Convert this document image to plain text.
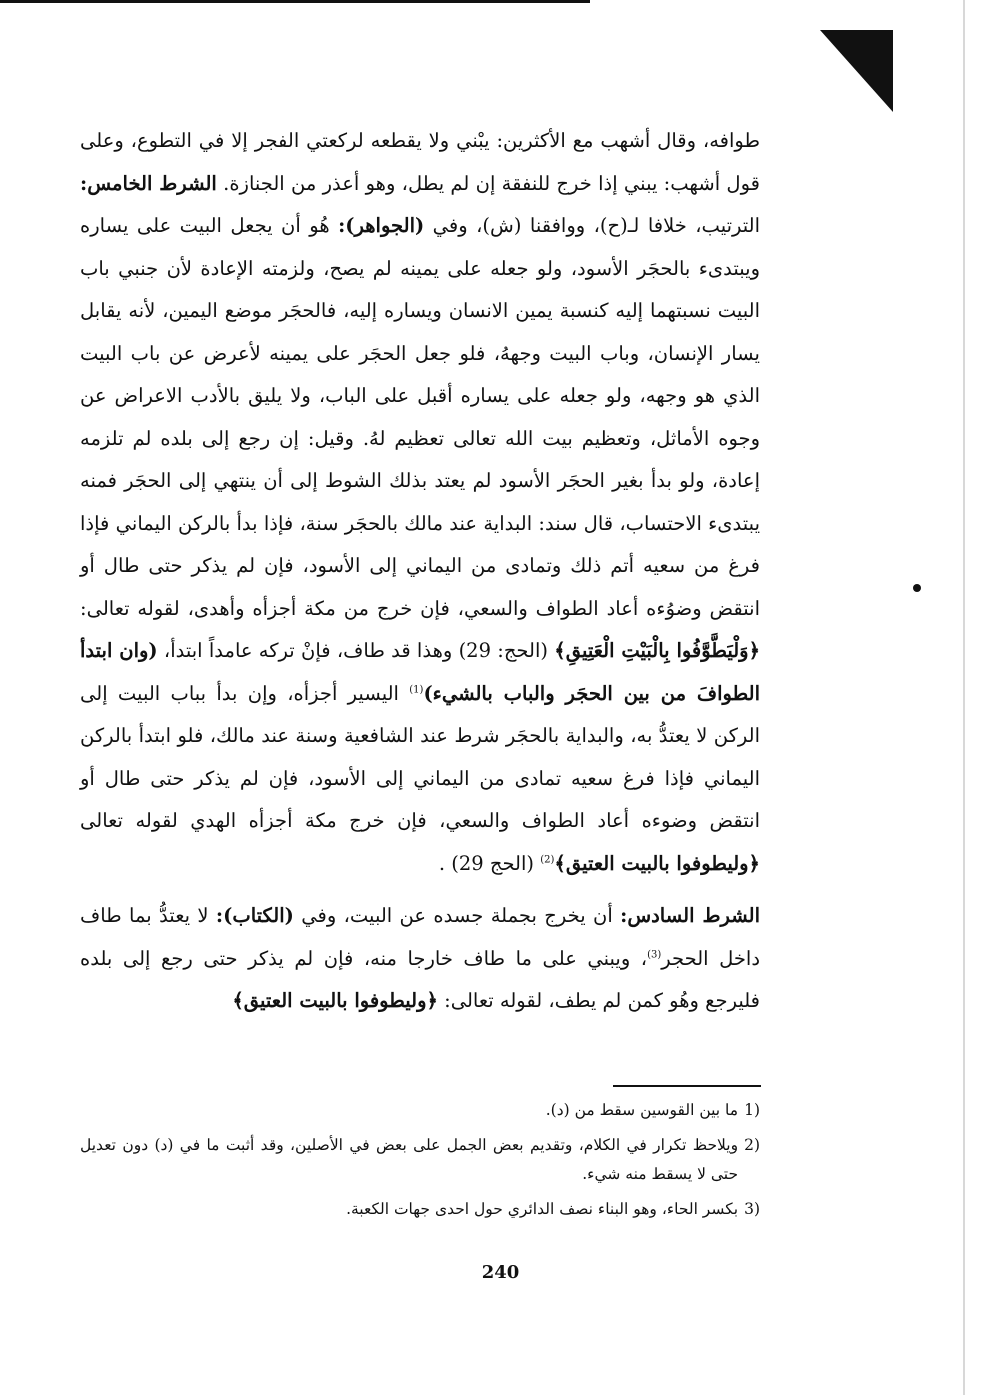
طوافه، وقال أشهب مع الأكثرين: يبْني ولا يقطعه لركعتي الفجر إلا في التطوع، وعلى قول أشهب: يبني إذا خرج للنفقة إن لم يطل، وهو أعذر من الجنازة. الشرط الخامس: الترتيب، خلافا لـ(ح)، ووافقنا (ش)، وفي (الجواهر): هُو أن يجعل البيت على يساره ويبتدىء بالحجَر الأسود، ولو جعله على يمينه لم يصح، ولزمته الإعادة لأن جنبي باب البيت نسبتهما إليه كنسبة يمين الانسان ويساره إليه، فالحجَر موضع اليمين، لأنه يقابل يسار الإنسان، وباب البيت وجههُ، فلو جعل الحجَر على يمينه لأعرض عن باب البيت الذي هو وجهه، ولو جعله على يساره أقبل على الباب، ولا يليق بالأدب الاعراض عن وجوه الأماثل، وتعظيم بيت الله تعالى تعظيم لهُ. وقيل: إن رجع إلى بلده لم تلزمه إعادة، ولو بدأ بغير الحجَر الأسود لم يعتد بذلك الشوط إلى أن ينتهي إلى الحجَر فمنه يبتدىء الاحتساب، قال سند: البداية عند مالك بالحجَر سنة، فإذا بدأ بالركن اليماني فإذا فرغ من سعيه أتم ذلك وتمادى من اليماني إلى الأسود، فإن لم يذكر حتى طال أو انتقض وضوُءه أعاد الطواف والسعي، فإن خرج من مكة أجزأه وأهدى، لقوله تعالى: ﴿وَلْيَطَّوَّفُوا بِالْبَيْتِ الْعَتِيقِ﴾ (الحج: 29) وهذا قد طاف، فإنْ تركه عامداً ابتدأ، (وان ابتدأ الطوافَ من بين الحجَر والباب بالشيء)$^{(1)}$ اليسير أجزأه، وإن بدأ بباب البيت إلى الركن لا يعتدُّ به، والبداية بالحجَر شرط عند الشافعية وسنة عند مالك، فلو ابتدأ بالركن اليماني فإذا فرغ سعيه تمادى من اليماني إلى الأسود، فإن لم يذكر حتى طال أو انتقض وضوءه أعاد الطواف والسعي، فإن خرج مكة أجزأه الهدي لقوله تعالى ﴿وليطوفوا بالبيت العتيق﴾$^{(2)}$ (الحج 29) .

الشرط السادس: أن يخرج بجملة جسده عن البيت، وفي (الكتاب): لا يعتدُّ بما طاف داخل الحجر$^{(3)}$، ويبني على ما طاف خارجا منه، فإن لم يذكر حتى رجع إلى بلده فليرجع وهُو كمن لم يطف، لقوله تعالى: ﴿وليطوفوا بالبيت العتيق﴾

1)
ما بين القوسين سقط من (د).
2)
ويلاحظ تكرار في الكلام، وتقديم بعض الجمل على بعض في الأصلين، وقد أثبت ما في (د) دون تعديل حتى لا يسقط منه شيء.
3)
بكسر الحاء، وهو البناء نصف الدائري حول احدى جهات الكعبة.
240
